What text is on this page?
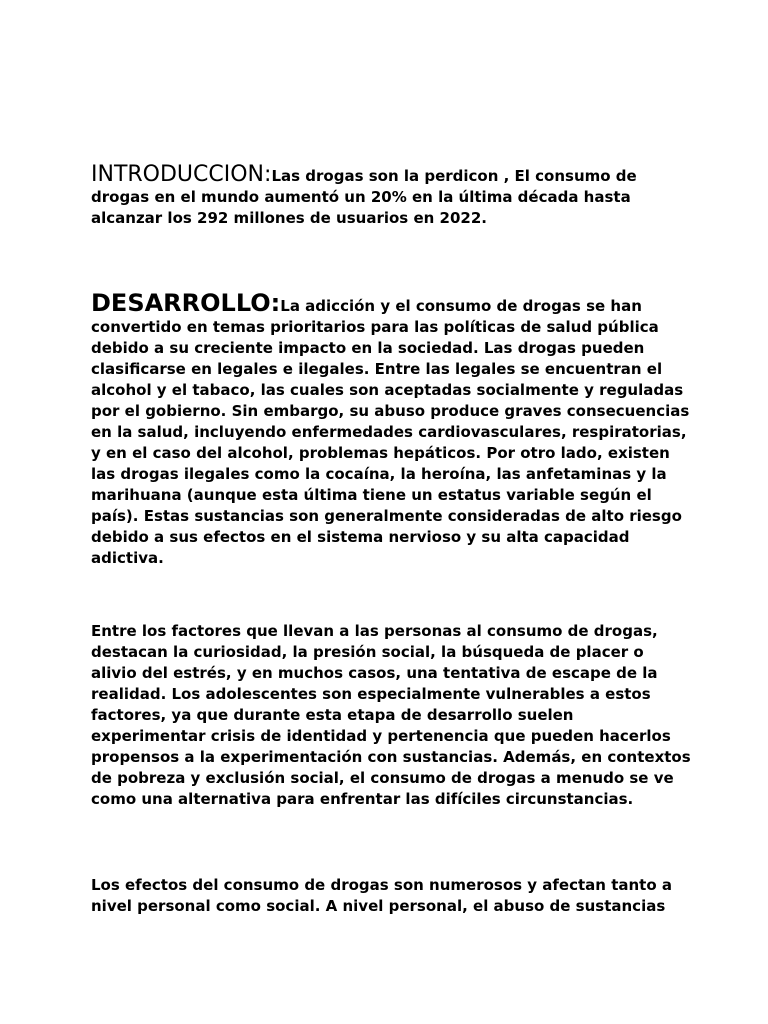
INTRODUCCION:Las drogas son la perdicon , El consumo de drogas en el mundo aumentó un 20% en la última década hasta alcanzar los 292 millones de usuarios en 2022.

DESARROLLO:La adicción y el consumo de drogas se han convertido en temas prioritarios para las políticas de salud pública debido a su creciente impacto en la sociedad. Las drogas pueden clasificarse en legales e ilegales. Entre las legales se encuentran el alcohol y el tabaco, las cuales son aceptadas socialmente y reguladas por el gobierno. Sin embargo, su abuso produce graves consecuencias en la salud, incluyendo enfermedades cardiovasculares, respiratorias, y en el caso del alcohol, problemas hepáticos. Por otro lado, existen las drogas ilegales como la cocaína, la heroína, las anfetaminas y la marihuana (aunque esta última tiene un estatus variable según el país). Estas sustancias son generalmente consideradas de alto riesgo debido a sus efectos en el sistema nervioso y su alta capacidad adictiva.

Entre los factores que llevan a las personas al consumo de drogas, destacan la curiosidad, la presión social, la búsqueda de placer o alivio del estrés, y en muchos casos, una tentativa de escape de la realidad. Los adolescentes son especialmente vulnerables a estos factores, ya que durante esta etapa de desarrollo suelen experimentar crisis de identidad y pertenencia que pueden hacerlos propensos a la experimentación con sustancias. Además, en contextos de pobreza y exclusión social, el consumo de drogas a menudo se ve como una alternativa para enfrentar las difíciles circunstancias.

Los efectos del consumo de drogas son numerosos y afectan tanto a nivel personal como social. A nivel personal, el abuso de sustancias
